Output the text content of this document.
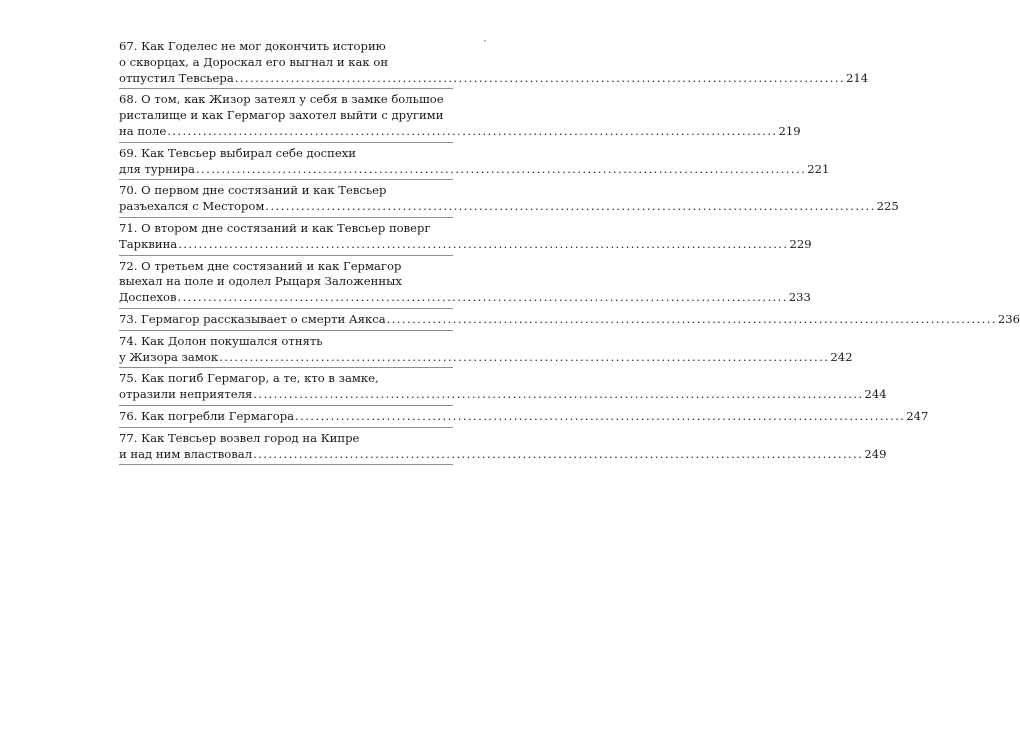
67. Как Годелес не мог докончить историю
о скворцах, а Дороскал его выгнал и как он
отпустил Тевсьера ........................................................................................................................ 214
68. О том, как Жизор затеял у себя в замке большое
ристалище и как Гермагор захотел выйти с другими
на поле ........................................................................................................................ 219
69. Как Тевсьер выбирал себе доспехи
для турнира ........................................................................................................................ 221
70. О первом дне состязаний и как Тевсьер
разъехался с Местором ........................................................................................................................ 225
71. О втором дне состязаний и как Тевсьер поверг
Тарквина ........................................................................................................................ 229
72. О третьем дне состязаний и как Гермагор
выехал на поле и одолел Рыцаря Заложенных
Доспехов ........................................................................................................................ 233
73. Гермагор рассказывает о смерти Аякса ........................................................................................................................ 236
74. Как Долон покушался отнять
у Жизора замок ........................................................................................................................ 242
75. Как погиб Гермагор, а те, кто в замке,
отразили неприятеля ........................................................................................................................ 244
76. Как погребли Гермагора ........................................................................................................................ 247
77. Как Тевсьер возвел город на Кипре
и над ним властвовал ........................................................................................................................ 249
